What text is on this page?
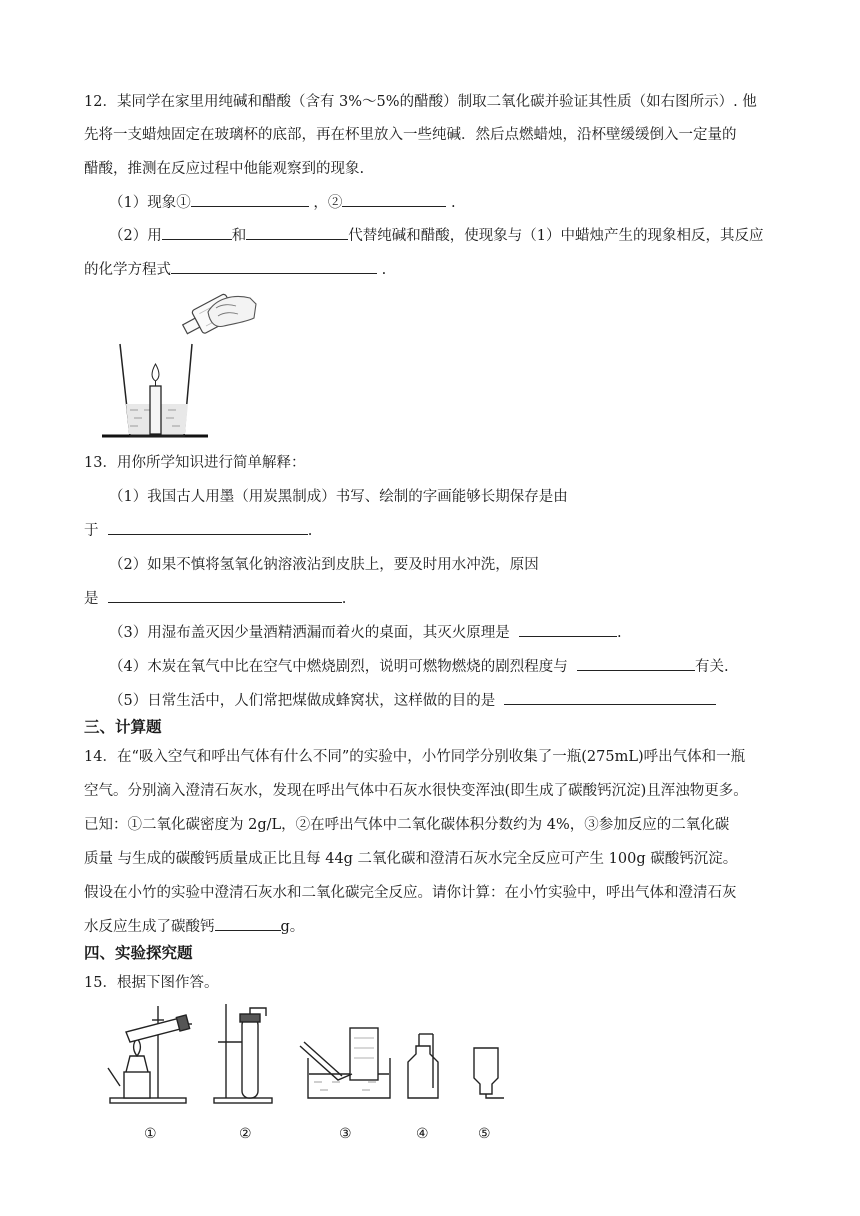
12．某同学在家里用纯碱和醋酸（含有 3%～5%的醋酸）制取二氧化碳并验证其性质（如右图所示）. 他
先将一支蜡烛固定在玻璃杯的底部，再在杯里放入一些纯碱．然后点燃蜡烛，沿杯壁缓缓倒入一定量的
醋酸，推测在反应过程中他能观察到的现象.
（1）现象①	，②	.
（2）用	和	代替纯碱和醋酸，使现象与（1）中蜡烛产生的现象相反，其反应
的化学方程式	.
13．用你所学知识进行简单解释：
（1）我国古人用墨（用炭黑制成）书写、绘制的字画能够长期保存是由
于	.
（2）如果不慎将氢氧化钠溶液沾到皮肤上，要及时用水冲洗，原因
是	.
（3）用湿布盖灭因少量酒精洒漏而着火的桌面，其灭火原理是	.
（4）木炭在氧气中比在空气中燃烧剧烈，说明可燃物燃烧的剧烈程度与	有关.
（5）日常生活中，人们常把煤做成蜂窝状，这样做的目的是
三、计算题
14．在“吸入空气和呼出气体有什么不同”的实验中，小竹同学分别收集了一瓶(275mL)呼出气体和一瓶
空气。分别滴入澄清石灰水，发现在呼出气体中石灰水很快变浑浊(即生成了碳酸钙沉淀)且浑浊物更多。
已知：①二氧化碳密度为 2g/L，②在呼出气体中二氧化碳体积分数约为 4%，③参加反应的二氧化碳
质量 与生成的碳酸钙质量成正比且每 44g 二氧化碳和澄清石灰水完全反应可产生 100g 碳酸钙沉淀。
假设在小竹的实验中澄清石灰水和二氧化碳完全反应。请你计算：在小竹实验中，呼出气体和澄清石灰
水反应生成了碳酸钙	g。
四、实验探究题
15．根据下图作答。
①	②	③	④	⑤
